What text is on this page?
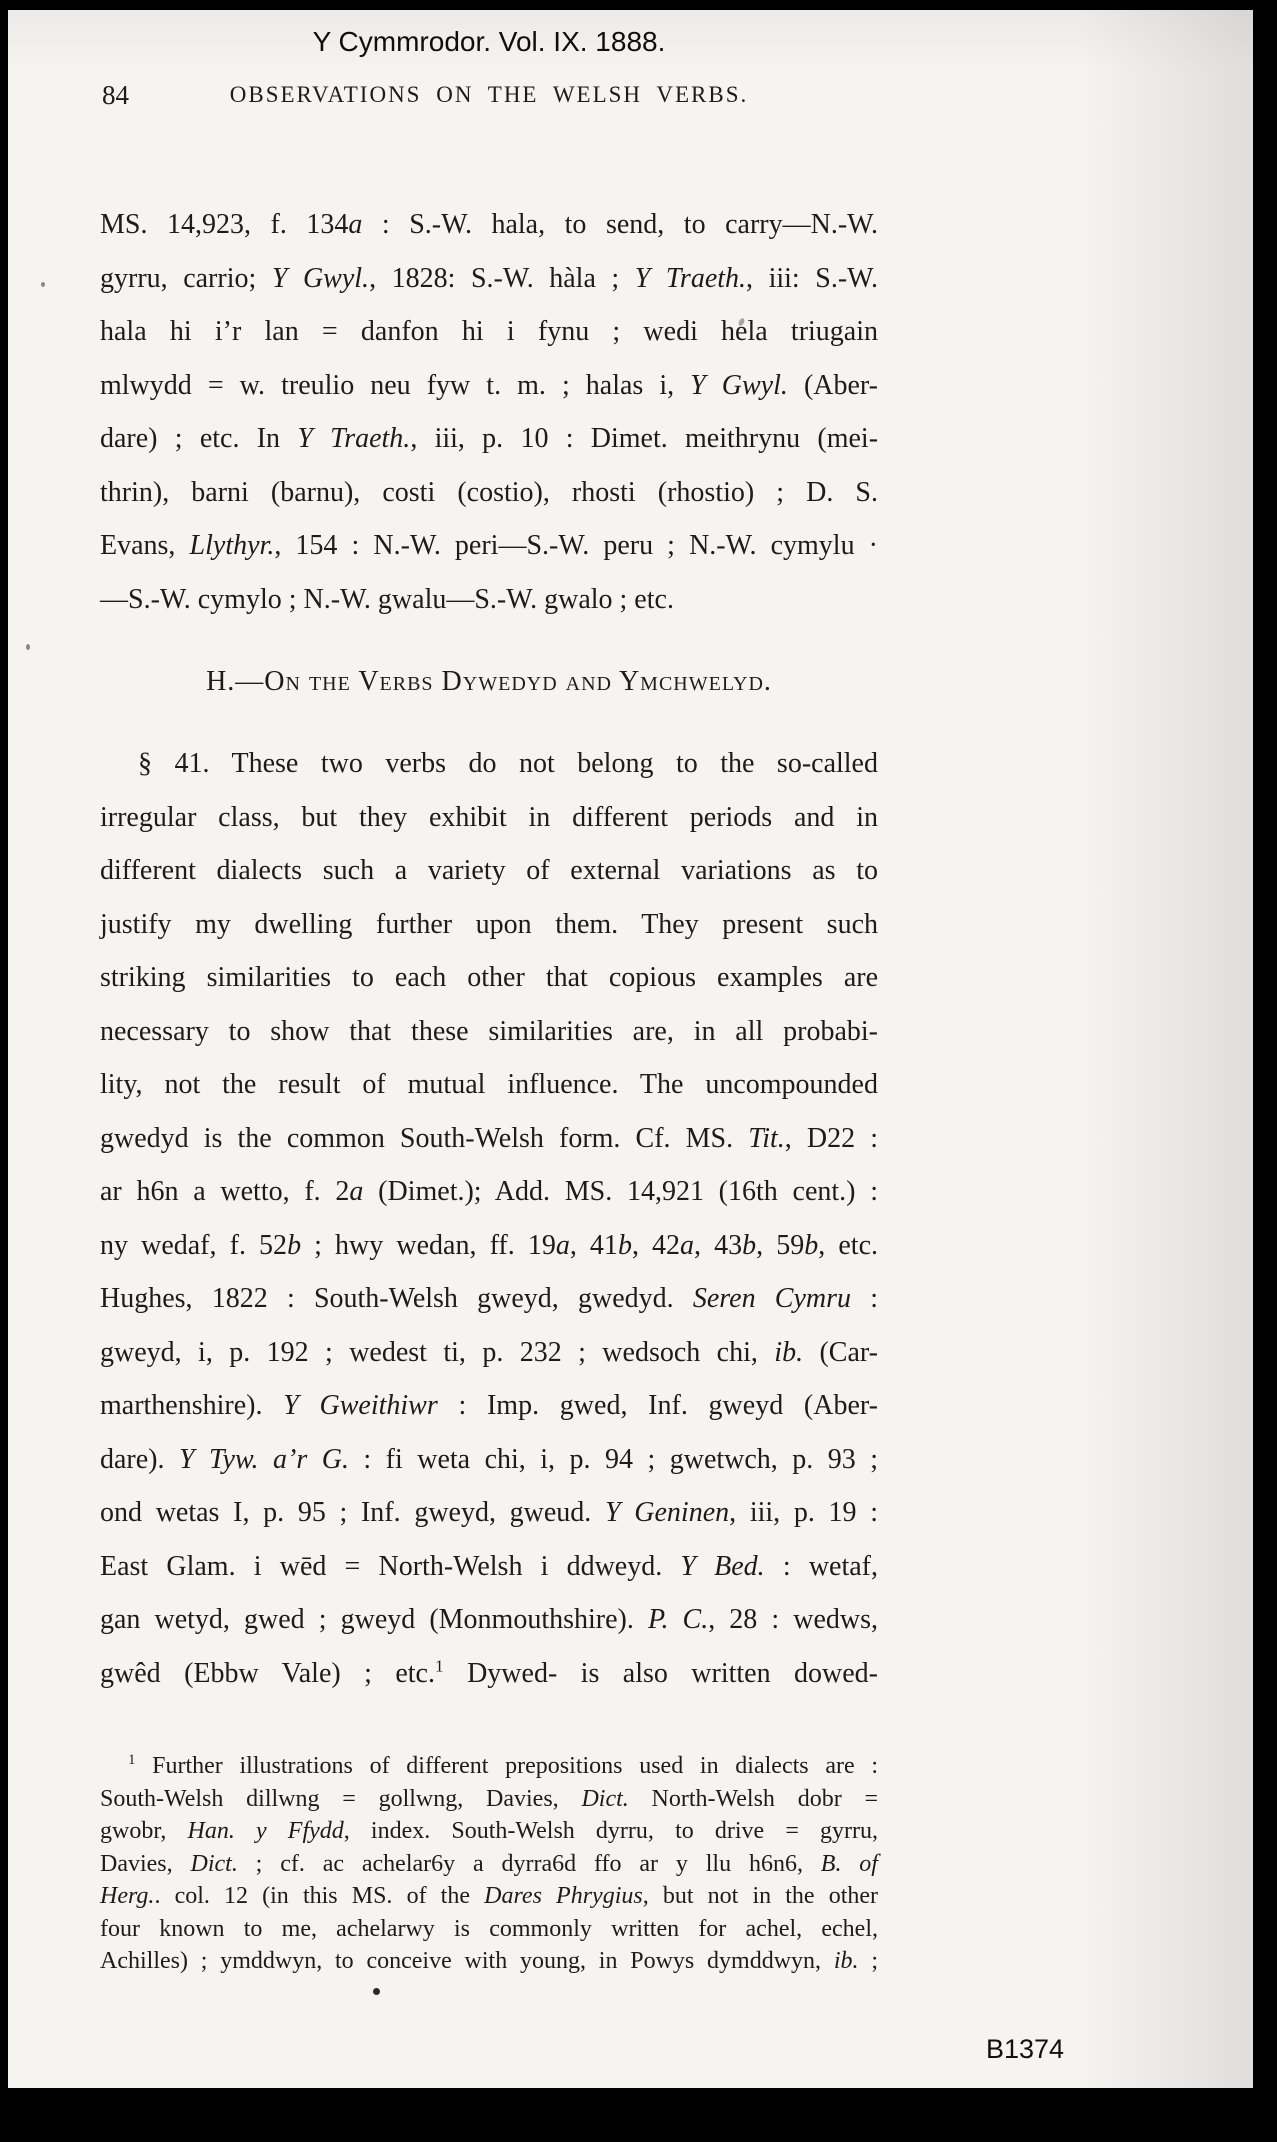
Y Cymmrodor. Vol. IX. 1888.
84	OBSERVATIONS ON THE WELSH VERBS.
MS. 14,923, f. 134a : S.-W. hala, to send, to carry—N.-W.
gyrru, carrio; Y Gwyl., 1828: S.-W. hàla ; Y Traeth., iii: S.-W.
hala hi i’r lan = danfon hi i fynu ; wedi hela triugain
mlwydd = w. treulio neu fyw t. m. ; halas i, Y Gwyl. (Aber-
dare) ; etc. In Y Traeth., iii, p. 10 : Dimet. meithrynu (mei-
thrin), barni (barnu), costi (costio), rhosti (rhostio) ; D. S.
Evans, Llythyr., 154 : N.-W. peri—S.-W. peru ; N.-W. cymylu ·
—S.-W. cymylo ; N.-W. gwalu—S.-W. gwalo ; etc.
H.—On the Verbs Dywedyd and Ymchwelyd.
§ 41. These two verbs do not belong to the so-called
irregular class, but they exhibit in different periods and in
different dialects such a variety of external variations as to
justify my dwelling further upon them. They present such
striking similarities to each other that copious examples are
necessary to show that these similarities are, in all probabi-
lity, not the result of mutual influence. The uncompounded
gwedyd is the common South-Welsh form. Cf. MS. Tit., D22 :
ar h6n a wetto, f. 2a (Dimet.); Add. MS. 14,921 (16th cent.) :
ny wedaf, f. 52b ; hwy wedan, ff. 19a, 41b, 42a, 43b, 59b, etc.
Hughes, 1822 : South-Welsh gweyd, gwedyd. Seren Cymru :
gweyd, i, p. 192 ; wedest ti, p. 232 ; wedsoch chi, ib. (Car-
marthenshire). Y Gweithiwr : Imp. gwed, Inf. gweyd (Aber-
dare). Y Tyw. a’r G. : fi weta chi, i, p. 94 ; gwetwch, p. 93 ;
ond wetas I, p. 95 ; Inf. gweyd, gweud. Y Geninen, iii, p. 19 :
East Glam. i wēd = North-Welsh i ddweyd. Y Bed. : wetaf,
gan wetyd, gwed ; gweyd (Monmouthshire). P. C., 28 : wedws,
gwêd (Ebbw Vale) ; etc.$^1$ Dywed- is also written dowed-
$^1$ Further illustrations of different prepositions used in dialects are :
South-Welsh dillwng = gollwng, Davies, Dict. North-Welsh dobr =
gwobr, Han. y Ffydd, index. South-Welsh dyrru, to drive = gyrru,
Davies, Dict. ; cf. ac achelar6y a dyrra6d ffo ar y llu h6n6, B. of
Herg.. col. 12 (in this MS. of the Dares Phrygius, but not in the other
four known to me, achelarwy is commonly written for achel, echel,
Achilles) ; ymddwyn, to conceive with young, in Powys dymddwyn, ib. ;
B1374
